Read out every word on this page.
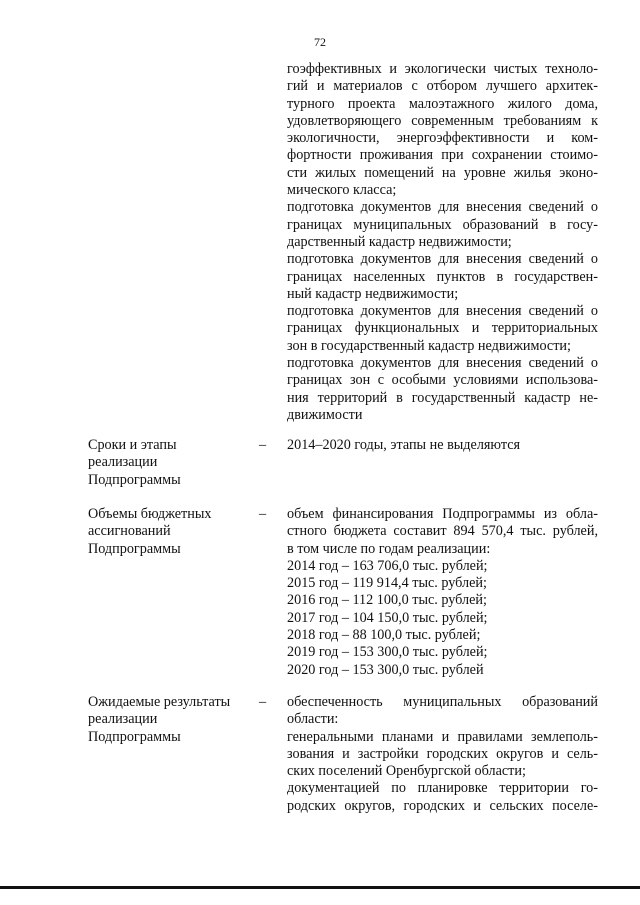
72
гоэффективных и экологически чистых техноло-
гий и материалов с отбором лучшего архитек-
турного проекта малоэтажного жилого дома,
удовлетворяющего современным требованиям к
экологичности, энергоэффективности и ком-
фортности проживания при сохранении стоимо-
сти жилых помещений на уровне жилья эконо-
мического класса;
подготовка документов для внесения сведений о
границах муниципальных образований в госу-
дарственный кадастр недвижимости;
подготовка документов для внесения сведений о
границах населенных пунктов в государствен-
ный кадастр недвижимости;
подготовка документов для внесения сведений о
границах функциональных и территориальных
зон в государственный кадастр недвижимости;
подготовка документов для внесения сведений о
границах зон с особыми условиями использова-
ния территорий в государственный кадастр не-
движимости
Сроки и этапы
реализации
Подпрограммы
– 2014–2020 годы, этапы не выделяются
Объемы бюджетных
ассигнований
Подпрограммы
– объем финансирования Подпрограммы из обла-
стного бюджета составит 894 570,4 тыс. рублей,
в том числе по годам реализации:
2014 год – 163 706,0 тыс. рублей;
2015 год – 119 914,4 тыс. рублей;
2016 год – 112 100,0 тыс. рублей;
2017 год – 104 150,0 тыс. рублей;
2018 год – 88 100,0 тыс. рублей;
2019 год – 153 300,0 тыс. рублей;
2020 год – 153 300,0 тыс. рублей
Ожидаемые результаты
реализации
Подпрограммы
– обеспеченность муниципальных образований
области:
генеральными планами и правилами землеполь-
зования и застройки городских округов и сель-
ских поселений Оренбургской области;
документацией по планировке территории го-
родских округов, городских и сельских поселе-
